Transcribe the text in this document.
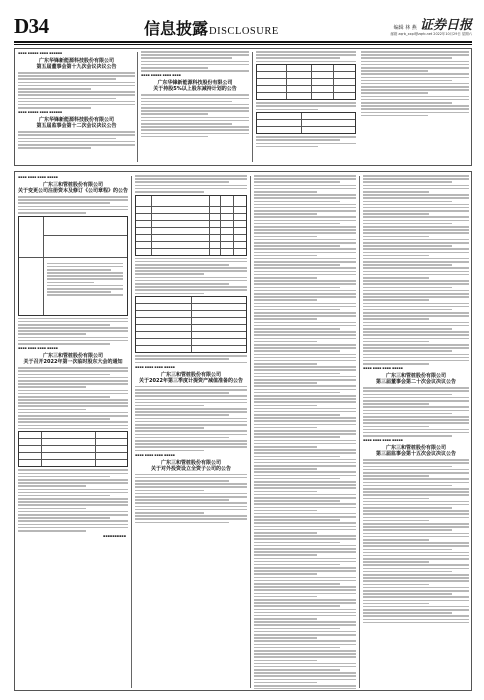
D34	信息披露DISCLOSURE	编辑 林 燕 证券日报
邮箱 zqrb_xxpl@zqrb.net 2022年10月29日 星期六
▪▪▪▪ ▪▪▪▪▪ ▪▪▪▪ ▪▪▪▪▪▪
广东华锋新能源科技股份有限公司
第五届董事会第十九次会议决议公告
▪▪▪▪ ▪▪▪▪▪ ▪▪▪▪ ▪▪▪▪▪▪
广东华锋新能源科技股份有限公司
第五届监事会第十二次会议决议公告
▪▪▪▪ ▪▪▪▪▪ ▪▪▪▪ ▪▪▪▪
广东华锋新能源科技股份有限公司
关于持股5%以上股东减持计划的公告
▪▪▪▪ ▪▪▪▪ ▪▪▪▪ ▪▪▪▪▪
广东三和管桩股份有限公司
关于变更公司注册资本及修订《公司章程》的公告
▪▪▪▪ ▪▪▪▪ ▪▪▪▪ ▪▪▪▪▪
广东三和管桩股份有限公司
关于召开2022年第一次临时股东大会的通知
▪▪▪▪▪▪▪▪▪▪
▪▪▪▪ ▪▪▪▪ ▪▪▪▪ ▪▪▪▪▪
广东三和管桩股份有限公司
关于2022年第三季度计提资产减值准备的公告
▪▪▪▪ ▪▪▪▪ ▪▪▪▪ ▪▪▪▪▪
广东三和管桩股份有限公司
关于对外投资设立全资子公司的公告
▪▪▪▪ ▪▪▪▪ ▪▪▪▪ ▪▪▪▪▪
广东三和管桩股份有限公司
第三届董事会第二十次会议决议公告
▪▪▪▪ ▪▪▪▪ ▪▪▪▪ ▪▪▪▪▪
广东三和管桩股份有限公司
第三届监事会第十五次会议决议公告
